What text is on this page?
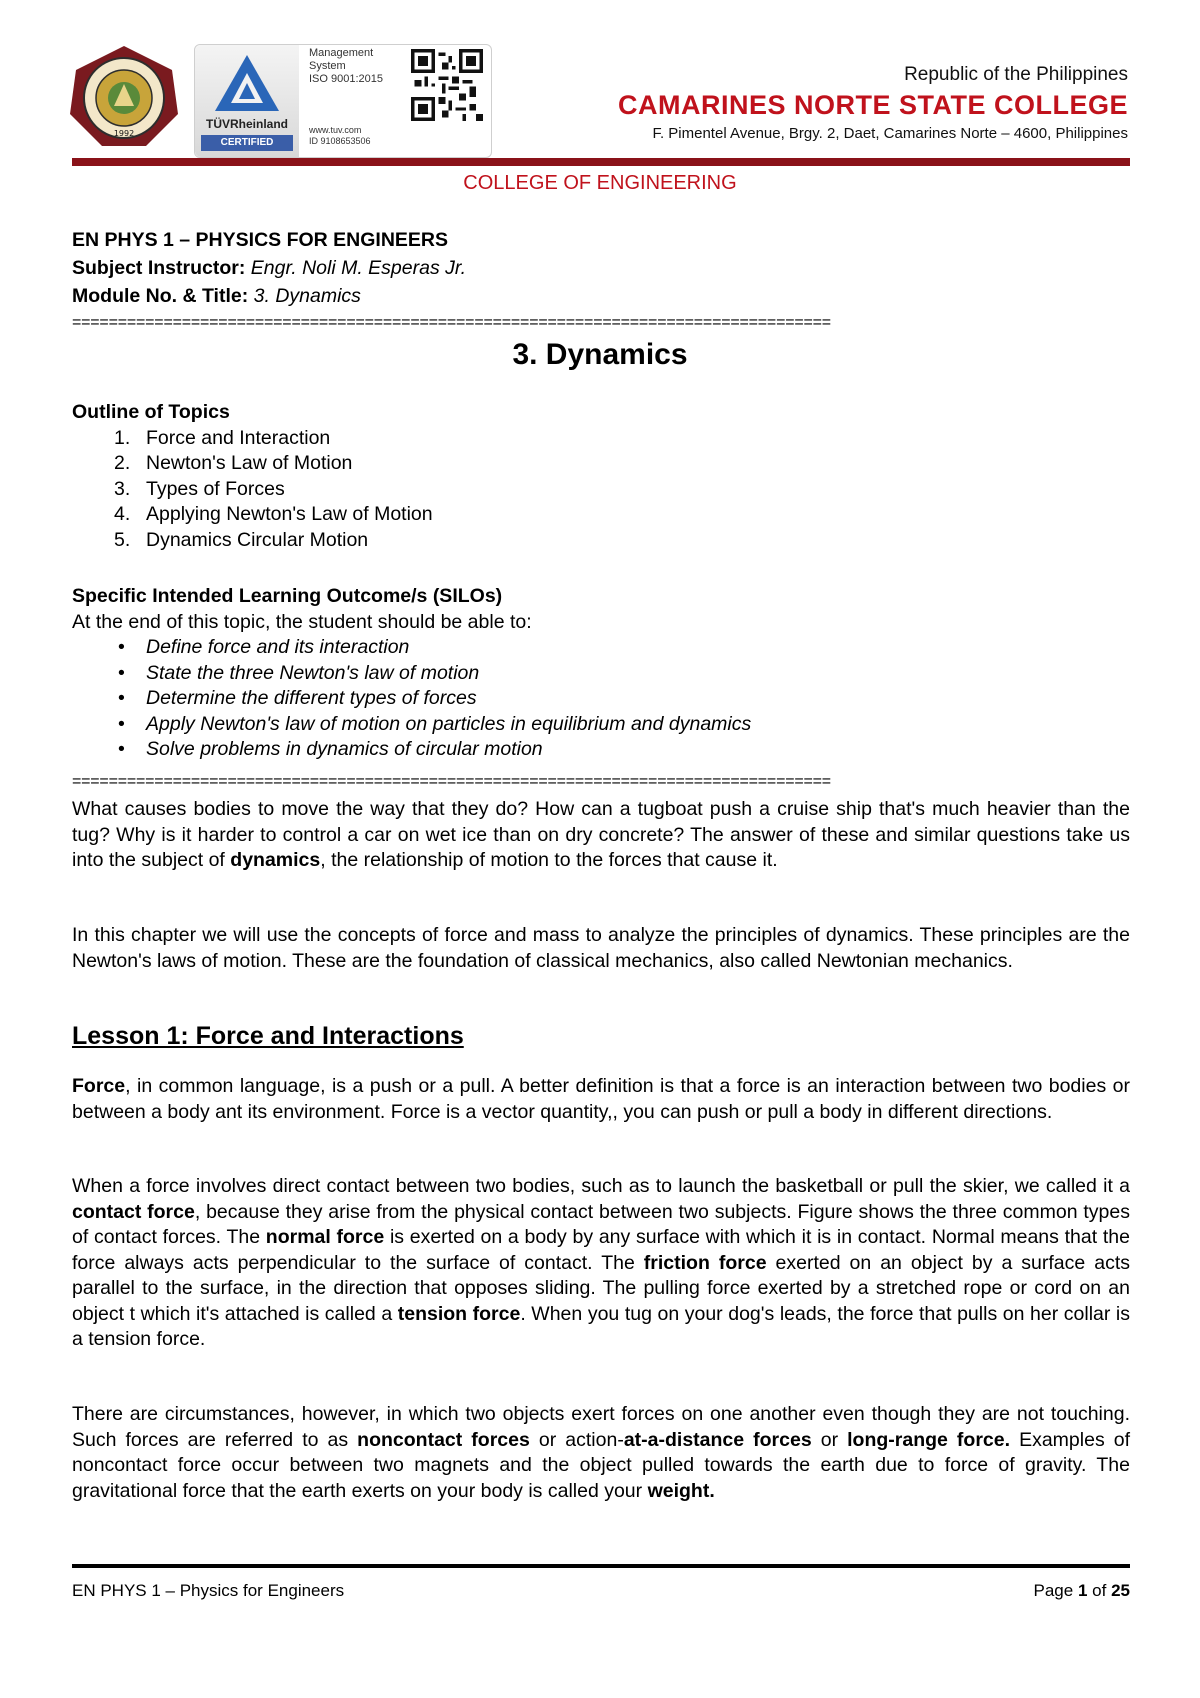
1992
TÜVRheinland
CERTIFIED
Management
System
ISO 9001:2015
www.tuv.com
ID 9108653506
Republic of the Philippines
CAMARINES NORTE STATE COLLEGE
F. Pimentel Avenue, Brgy. 2, Daet, Camarines Norte – 4600, Philippines
COLLEGE OF ENGINEERING
EN PHYS 1 – PHYSICS FOR ENGINEERS
Subject Instructor: Engr. Noli M. Esperas Jr.
Module No. & Title: 3. Dynamics
===================================================================================
3. Dynamics
Outline of Topics
1. Force and Interaction
2. Newton's Law of Motion
3. Types of Forces
4. Applying Newton's Law of Motion
5. Dynamics Circular Motion
Specific Intended Learning Outcome/s (SILOs)
At the end of this topic, the student should be able to:
• Define force and its interaction
• State the three Newton's law of motion
• Determine the different types of forces
• Apply Newton's law of motion on particles in equilibrium and dynamics
• Solve problems in dynamics of circular motion
===================================================================================
What causes bodies to move the way that they do? How can a tugboat push a cruise ship that's much heavier than the tug? Why is it harder to control a car on wet ice than on dry concrete? The answer of these and similar questions take us into the subject of dynamics, the relationship of motion to the forces that cause it.
In this chapter we will use the concepts of force and mass to analyze the principles of dynamics. These principles are the Newton's laws of motion. These are the foundation of classical mechanics, also called Newtonian mechanics.
Lesson 1: Force and Interactions
Force, in common language, is a push or a pull. A better definition is that a force is an interaction between two bodies or between a body ant its environment. Force is a vector quantity,, you can push or pull a body in different directions.
When a force involves direct contact between two bodies, such as to launch the basketball or pull the skier, we called it a contact force, because they arise from the physical contact between two subjects. Figure shows the three common types of contact forces. The normal force is exerted on a body by any surface with which it is in contact. Normal means that the force always acts perpendicular to the surface of contact. The friction force exerted on an object by a surface acts parallel to the surface, in the direction that opposes sliding. The pulling force exerted by a stretched rope or cord on an object t which it's attached is called a tension force. When you tug on your dog's leads, the force that pulls on her collar is a tension force.
There are circumstances, however, in which two objects exert forces on one another even though they are not touching. Such forces are referred to as noncontact forces or action-at-a-distance forces or long-range force. Examples of noncontact force occur between two magnets and the object pulled towards the earth due to force of gravity. The gravitational force that the earth exerts on your body is called your weight.
EN PHYS 1 – Physics for Engineers	Page 1 of 25
